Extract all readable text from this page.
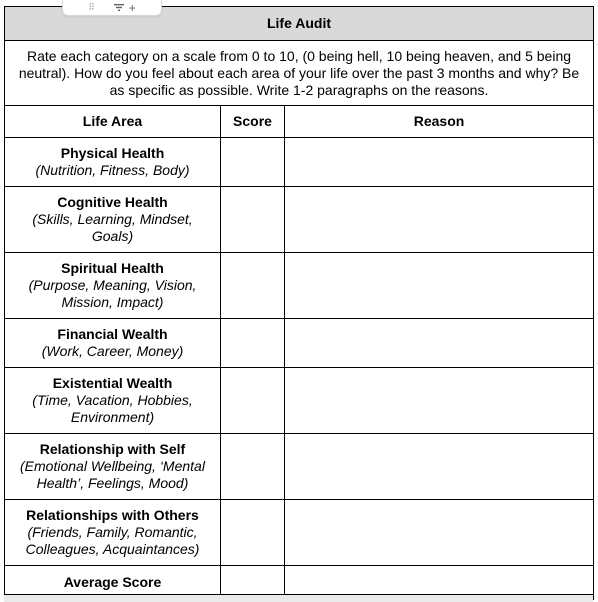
⠿	+
Life Audit		
Rate each category on a scale from 0 to 10, (0 being hell, 10 being heaven, and 5 being neutral). How do you feel about each area of your life over the past 3 months and why? Be as specific as possible. Write 1-2 paragraphs on the reasons.		
Life Area	Score	Reason

Physical Health
(Nutrition, Fitness, Body)		

Cognitive Health
(Skills, Learning, Mindset, Goals)		

Spiritual Health
(Purpose, Meaning, Vision, Mission, Impact)		

Financial Wealth
(Work, Career, Money)		

Existential Wealth
(Time, Vacation, Hobbies, Environment)		

Relationship with Self
(Emotional Wellbeing, ‘Mental Health’, Feelings, Mood)		

Relationships with Others
(Friends, Family, Romantic, Colleagues, Acquaintances)		

Average Score		
